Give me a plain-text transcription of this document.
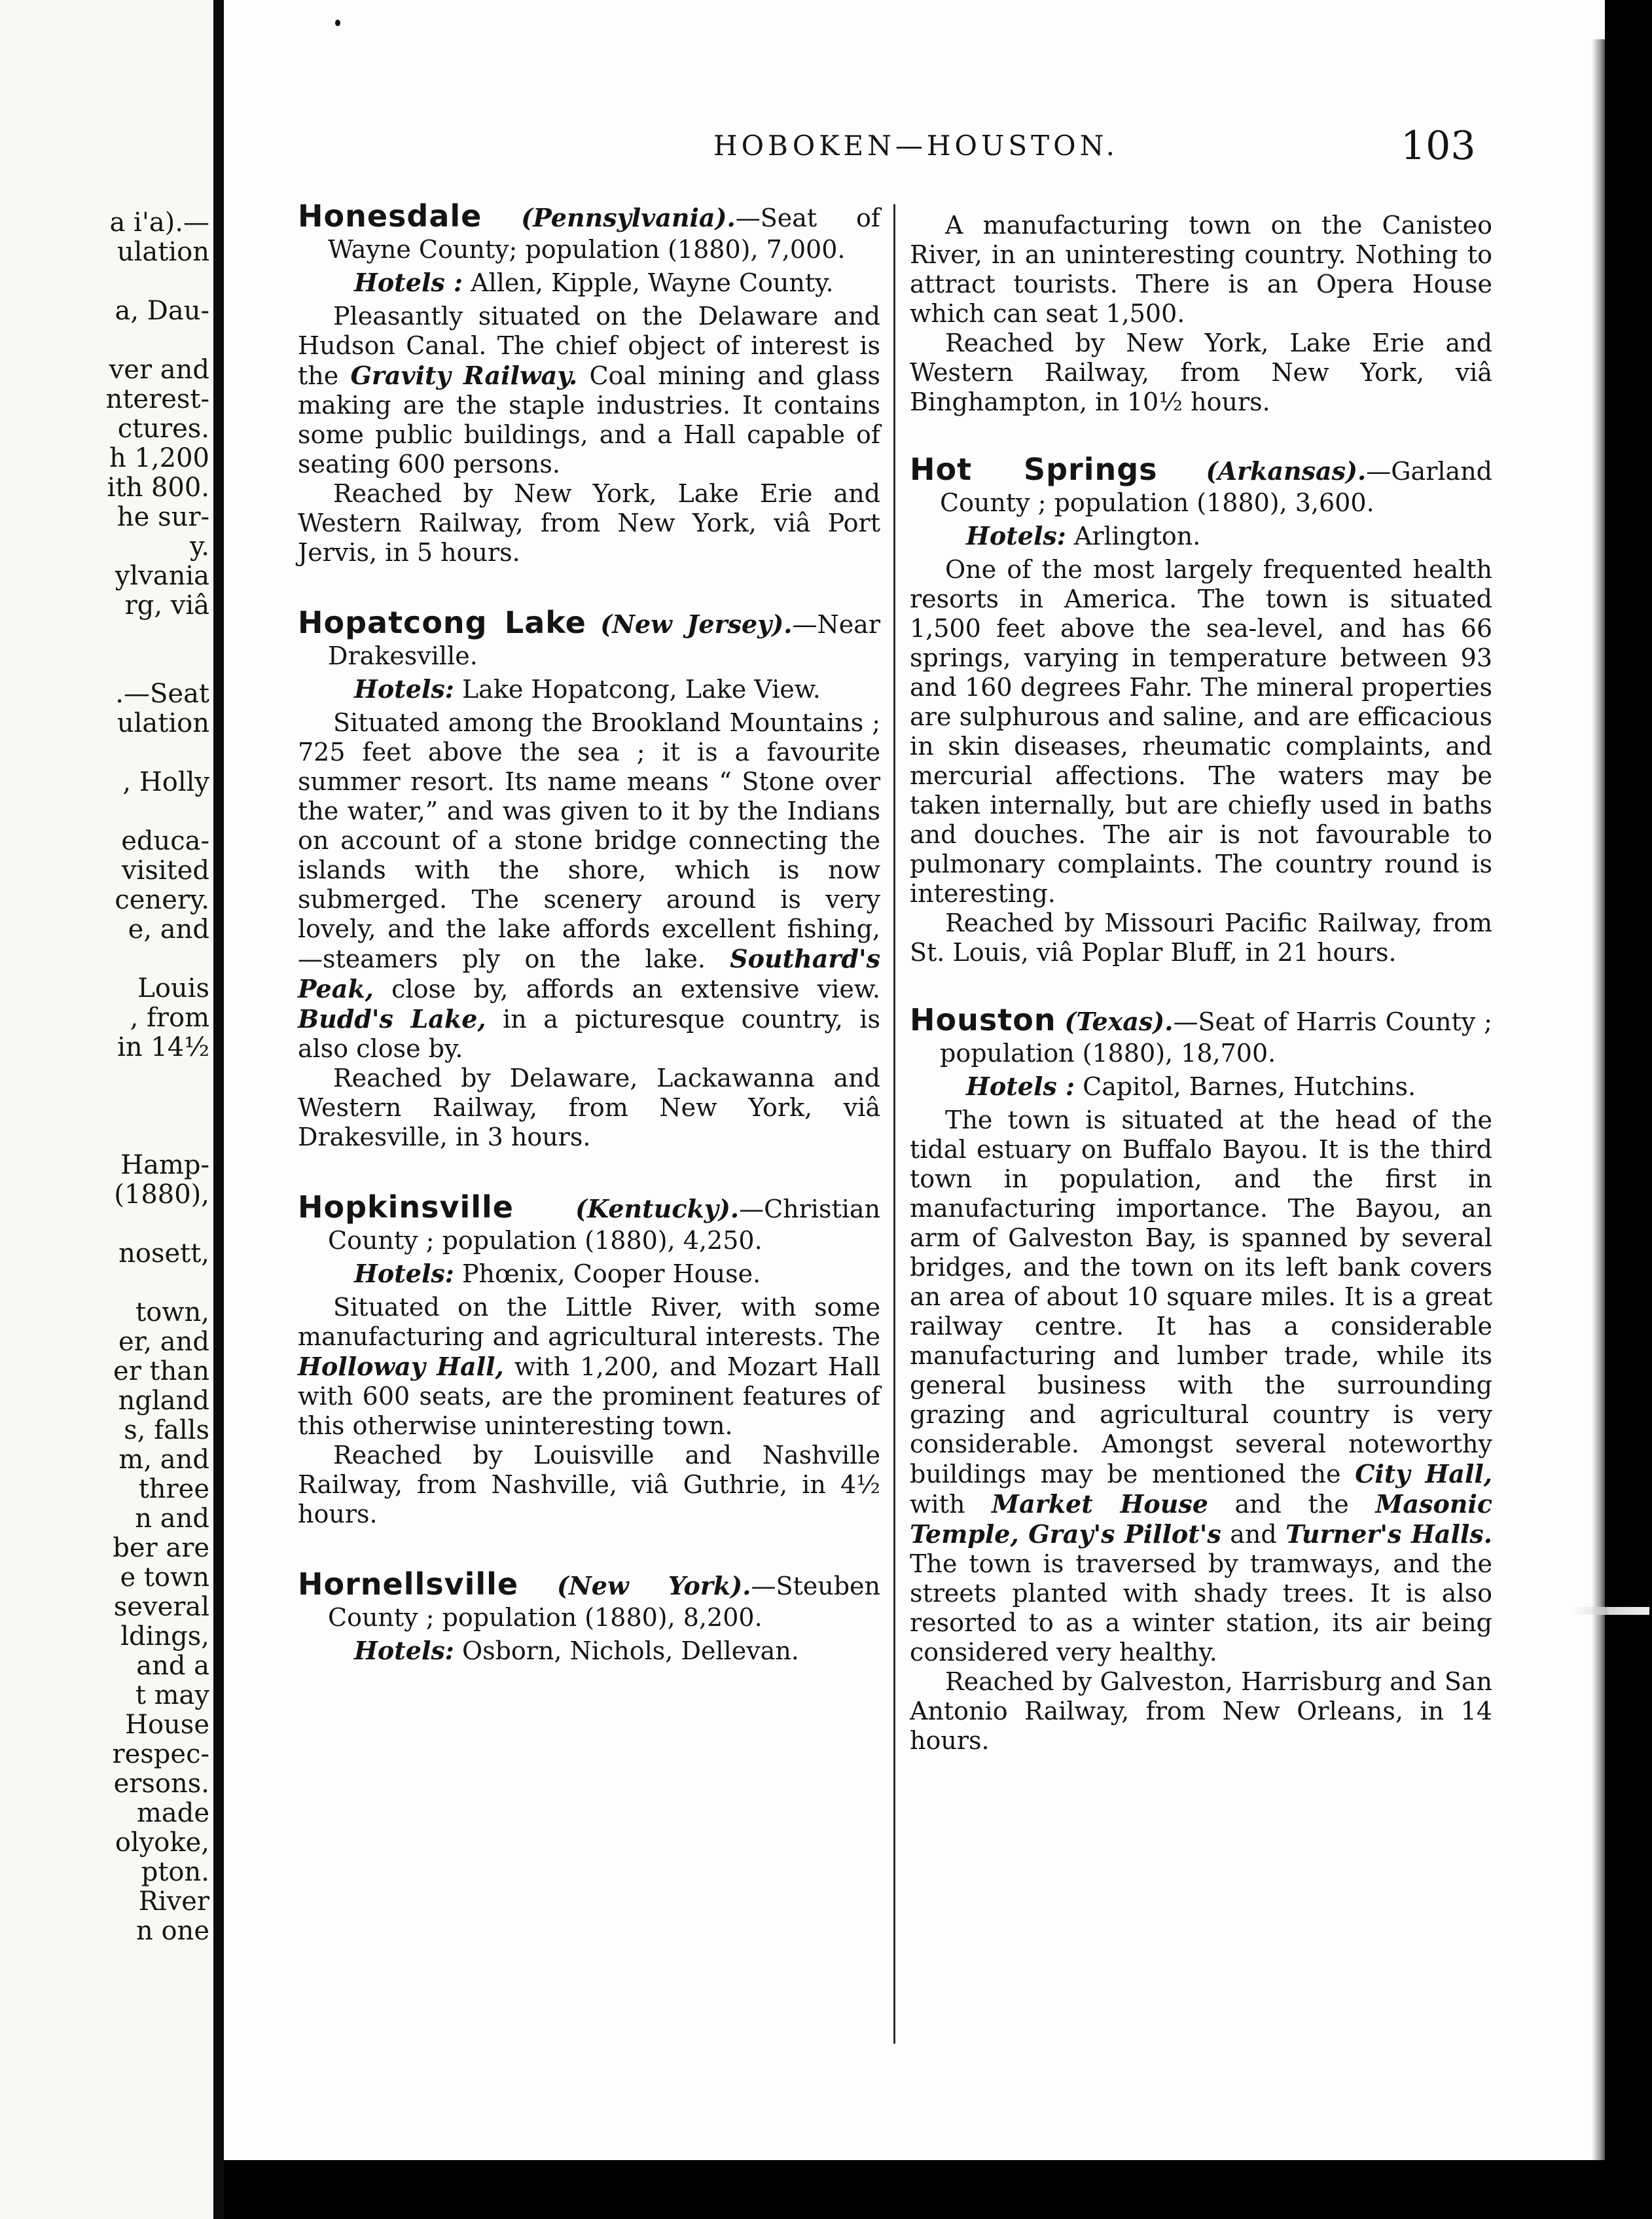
a i'a).—
ulation
a, Dau-
ver and
nterest-
ctures.
h 1,200
ith 800.
he sur-
y.
ylvania
rg, viâ
.—Seat
ulation
, Holly
educa-
visited
cenery.
e, and
Louis
, from
in 14½
Hamp-
(1880),
nosett,
town,
er, and
er than
ngland
s, falls
m, and
three
n and
ber are
e town
several
ldings,
and a
t may
House
respec-
ersons.
made
olyoke,
pton.
River
n one
HOBOKEN—HOUSTON.	103

Honesdale (Pennsylvania).—Seat of Wayne County; population (1880), 7,000.

Hotels : Allen, Kipple, Wayne County.

Pleasantly situated on the Delaware and Hudson Canal. The chief object of interest is the Gravity Railway. Coal mining and glass making are the staple industries. It contains some public buildings, and a Hall capable of seating 600 persons.

Reached by New York, Lake Erie and Western Railway, from New York, viâ Port Jervis, in 5 hours.

Hopatcong Lake (New Jersey).—Near Drakesville.

Hotels: Lake Hopatcong, Lake View.

Situated among the Brookland Mountains ; 725 feet above the sea ; it is a favourite summer resort. Its name means “ Stone over the water,” and was given to it by the Indians on account of a stone bridge connecting the islands with the shore, which is now submerged. The scenery around is very lovely, and the lake affords excellent fishing,—steamers ply on the lake. Southard's Peak, close by, affords an extensive view. Budd's Lake, in a picturesque country, is also close by.

Reached by Delaware, Lackawanna and Western Railway, from New York, viâ Drakesville, in 3 hours.

Hopkinsville (Kentucky).—Christian County ; population (1880), 4,250.

Hotels: Phœnix, Cooper House.

Situated on the Little River, with some manufacturing and agricultural interests. The Holloway Hall, with 1,200, and Mozart Hall with 600 seats, are the prominent features of this otherwise uninteresting town.

Reached by Louisville and Nashville Railway, from Nashville, viâ Guthrie, in 4½ hours.

Hornellsville (New York).—Steuben County ; population (1880), 8,200.

Hotels: Osborn, Nichols, Dellevan.

A manufacturing town on the Canisteo River, in an uninteresting country. Nothing to attract tourists. There is an Opera House which can seat 1,500.

Reached by New York, Lake Erie and Western Railway, from New York, viâ Binghampton, in 10½ hours.

Hot Springs (Arkansas).—Garland County ; population (1880), 3,600.

Hotels: Arlington.

One of the most largely frequented health resorts in America. The town is situated 1,500 feet above the sea-level, and has 66 springs, varying in temperature between 93 and 160 degrees Fahr. The mineral properties are sulphurous and saline, and are efficacious in skin diseases, rheumatic complaints, and mercurial affections. The waters may be taken internally, but are chiefly used in baths and douches. The air is not favourable to pulmonary complaints. The country round is interesting.

Reached by Missouri Pacific Railway, from St. Louis, viâ Poplar Bluff, in 21 hours.

Houston (Texas).—Seat of Harris County ; population (1880), 18,700.

Hotels : Capitol, Barnes, Hutchins.

The town is situated at the head of the tidal estuary on Buffalo Bayou. It is the third town in population, and the first in manufacturing importance. The Bayou, an arm of Galveston Bay, is spanned by several bridges, and the town on its left bank covers an area of about 10 square miles. It is a great railway centre. It has a considerable manufacturing and lumber trade, while its general business with the surrounding grazing and agricultural country is very considerable. Amongst several noteworthy buildings may be mentioned the City Hall, with Market House and the Masonic Temple, Gray's Pillot's and Turner's Halls. The town is traversed by tramways, and the streets planted with shady trees. It is also resorted to as a winter station, its air being considered very healthy.

Reached by Galveston, Harrisburg and San Antonio Railway, from New Orleans, in 14 hours.
